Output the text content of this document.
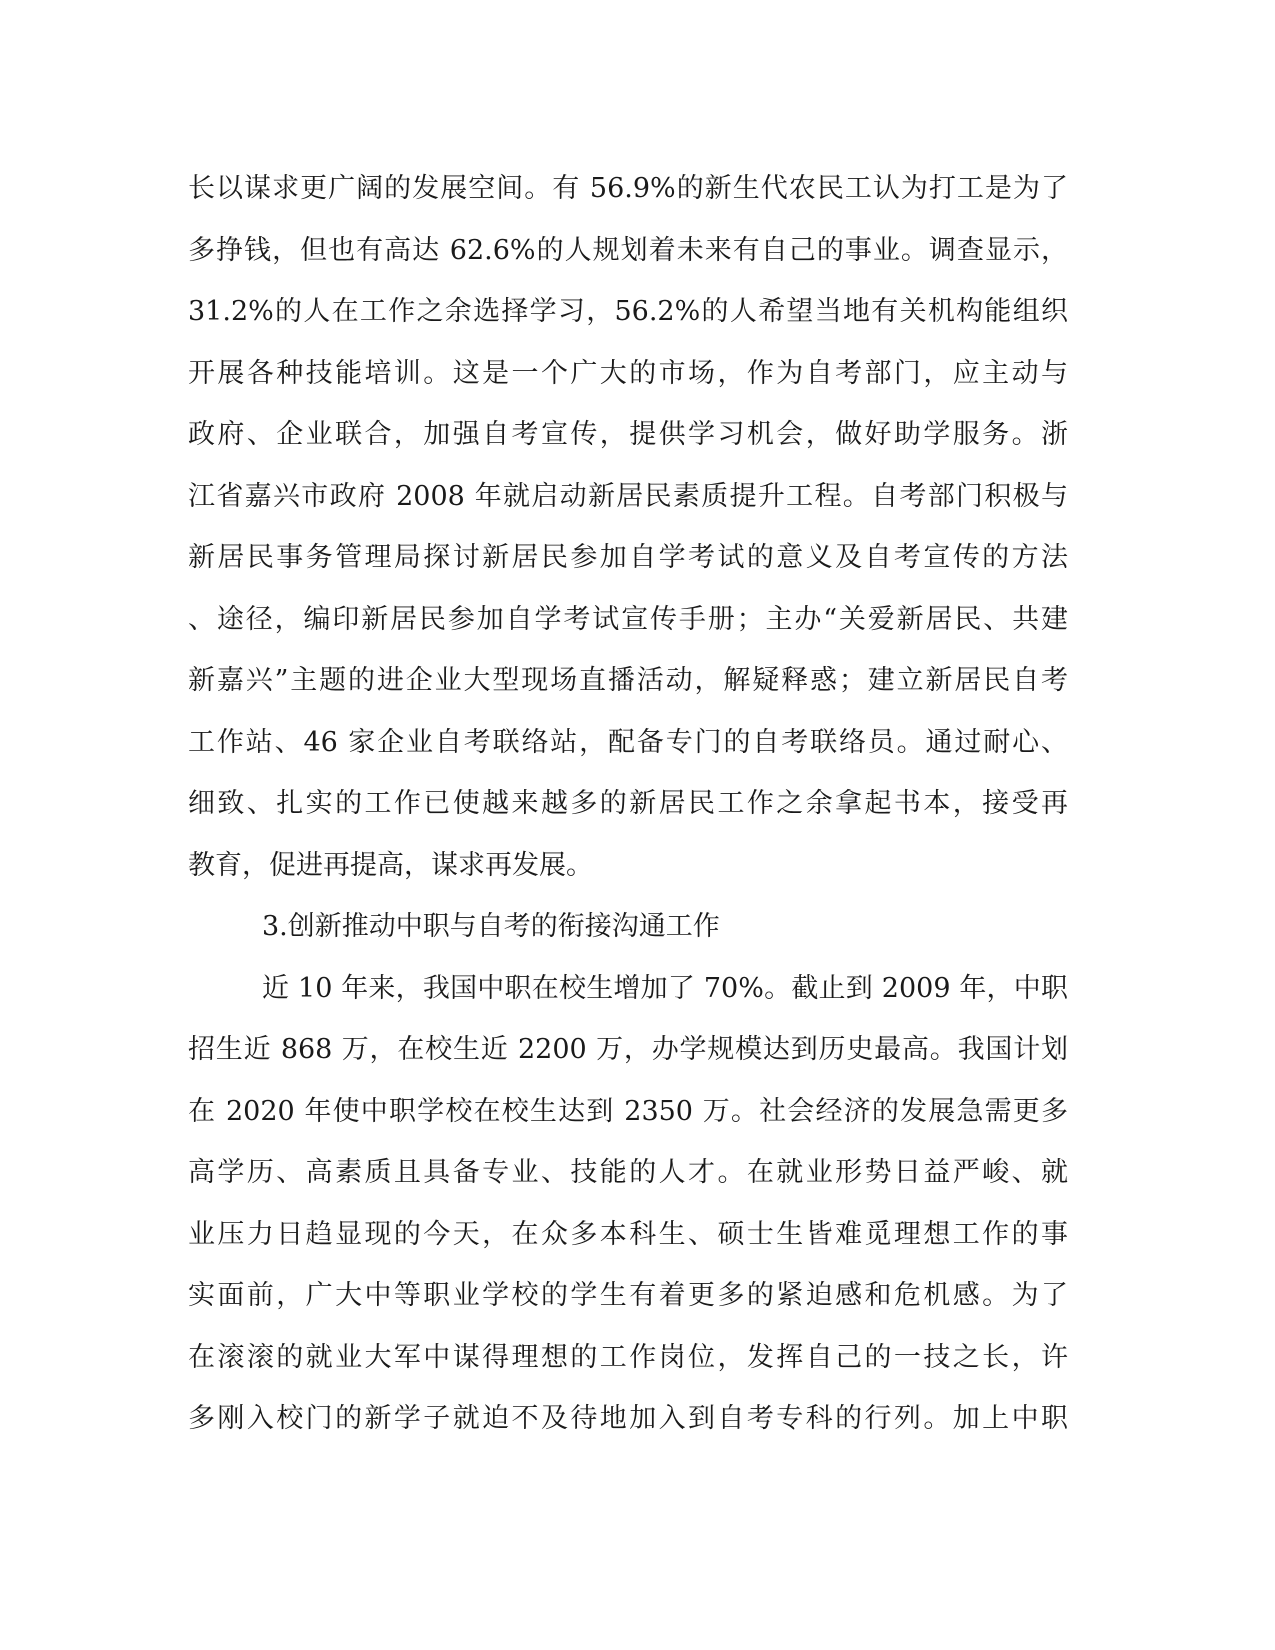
长以谋求更广阔的发展空间。有 56.9%的新生代农民工认为打工是为了
多挣钱，但也有高达 62.6%的人规划着未来有自己的事业。调查显示，
31.2%的人在工作之余选择学习，56.2%的人希望当地有关机构能组织
开展各种技能培训。这是一个广大的市场，作为自考部门，应主动与
政府、企业联合，加强自考宣传，提供学习机会，做好助学服务。浙
江省嘉兴市政府 2008 年就启动新居民素质提升工程。自考部门积极与
新居民事务管理局探讨新居民参加自学考试的意义及自考宣传的方法
、途径，编印新居民参加自学考试宣传手册；主办“关爱新居民、共建
新嘉兴”主题的进企业大型现场直播活动，解疑释惑；建立新居民自考
工作站、46 家企业自考联络站，配备专门的自考联络员。通过耐心、
细致、扎实的工作已使越来越多的新居民工作之余拿起书本，接受再
教育，促进再提高，谋求再发展。
3.创新推动中职与自考的衔接沟通工作
近 10 年来，我国中职在校生增加了 70%。截止到 2009 年，中职
招生近 868 万，在校生近 2200 万，办学规模达到历史最高。我国计划
在 2020 年使中职学校在校生达到 2350 万。社会经济的发展急需更多
高学历、高素质且具备专业、技能的人才。在就业形势日益严峻、就
业压力日趋显现的今天，在众多本科生、硕士生皆难觅理想工作的事
实面前，广大中等职业学校的学生有着更多的紧迫感和危机感。为了
在滚滚的就业大军中谋得理想的工作岗位，发挥自己的一技之长，许
多刚入校门的新学子就迫不及待地加入到自考专科的行列。加上中职
